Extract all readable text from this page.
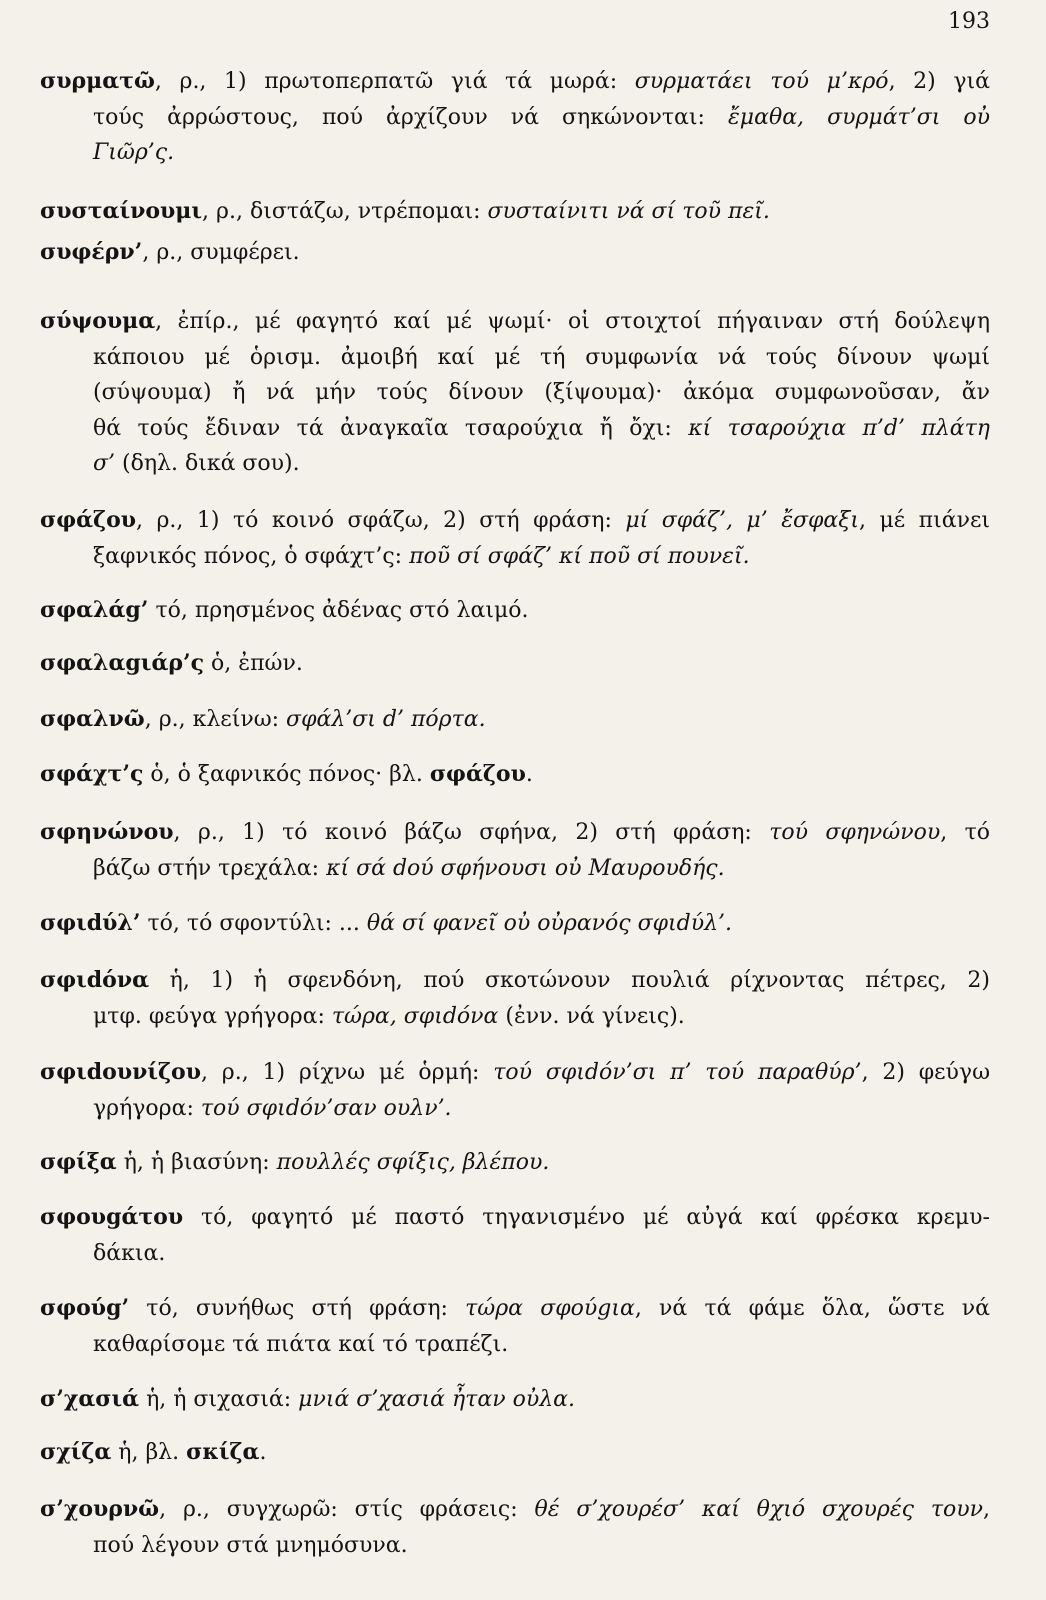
193
συρματῶ, ρ., 1) πρωτοπερπατῶ γιά τά μωρά: συρματάει τού μ’κρό, 2) γιά
τούς ἀρρώστους, πού ἀρχίζουν νά σηκώνονται: ἔμαθα, συρμάτ’σι οὐ
Γιῶρ’ς.
συσταίνουμι, ρ., διστάζω, ντρέπομαι: συσταίνιτι νά σί τοῦ πεῖ.
συφέρν’, ρ., συμφέρει.
σύψουμα, ἐπίρ., μέ φαγητό καί μέ ψωμί· οἱ στοιχτοί πήγαιναν στή δούλεψη
κάποιου μέ ὁρισμ. ἀμοιβή καί μέ τή συμφωνία νά τούς δίνουν ψωμί
(σύψουμα) ἤ νά μήν τούς δίνουν (ξίψουμα)· ἀκόμα συμφωνοῦσαν, ἄν
θά τούς ἔδιναν τά ἀναγκαῖα τσαρούχια ἤ ὄχι: κί τσαρούχια π’d’ πλάτη
σ’ (δηλ. δικά σου).
σφάζου, ρ., 1) τό κοινό σφάζω, 2) στή φράση: μί σφάζ’, μ’ ἔσφαξι, μέ πιάνει
ξαφνικός πόνος, ὁ σφάχτ’ς: ποῦ σί σφάζ’ κί ποῦ σί πουνεῖ.
σφαλάg’ τό, πρησμένος ἀδένας στό λαιμό.
σφαλαgιάρ’ς ὁ, ἐπών.
σφαλνῶ, ρ., κλείνω: σφάλ’σι d’ πόρτα.
σφάχτ’ς ὁ, ὁ ξαφνικός πόνος· βλ. σφάζου.
σφηνώνου, ρ., 1) τό κοινό βάζω σφήνα, 2) στή φράση: τού σφηνώνου, τό
βάζω στήν τρεχάλα: κί σά dού σφήνουσι οὐ Μαυρουδής.
σφιdύλ’ τό, τό σφοντύλι: ... θά σί φανεῖ οὐ οὐρανός σφιdύλ’.
σφιdόνα ἡ, 1) ἡ σφενδόνη, πού σκοτώνουν πουλιά ρίχνοντας πέτρες, 2)
μτφ. φεύγα γρήγορα: τώρα, σφιdόνα (ἐνν. νά γίνεις).
σφιdουνίζου, ρ., 1) ρίχνω μέ ὁρμή: τού σφιdόν’σι π’ τού παραθύρ’, 2) φεύγω
γρήγορα: τού σφιdόν’σαν ουλν’.
σφίξα ἡ, ἡ βιασύνη: πουλλές σφίξις, βλέπου.
σφουgάτου τό, φαγητό μέ παστό τηγανισμένο μέ αὐγά καί φρέσκα κρεμυ-
δάκια.
σφούg’ τό, συνήθως στή φράση: τώρα σφούgια, νά τά φάμε ὅλα, ὥστε νά
καθαρίσομε τά πιάτα καί τό τραπέζι.
σ’χασιά ἡ, ἡ σιχασιά: μνιά σ’χασιά ἦταν οὐλα.
σχίζα ἡ, βλ. σκίζα.
σ’χουρνῶ, ρ., συγχωρῶ: στίς φράσεις: θέ σ’χουρέσ’ καί θχιό σχουρές τουν,
πού λέγουν στά μνημόσυνα.
